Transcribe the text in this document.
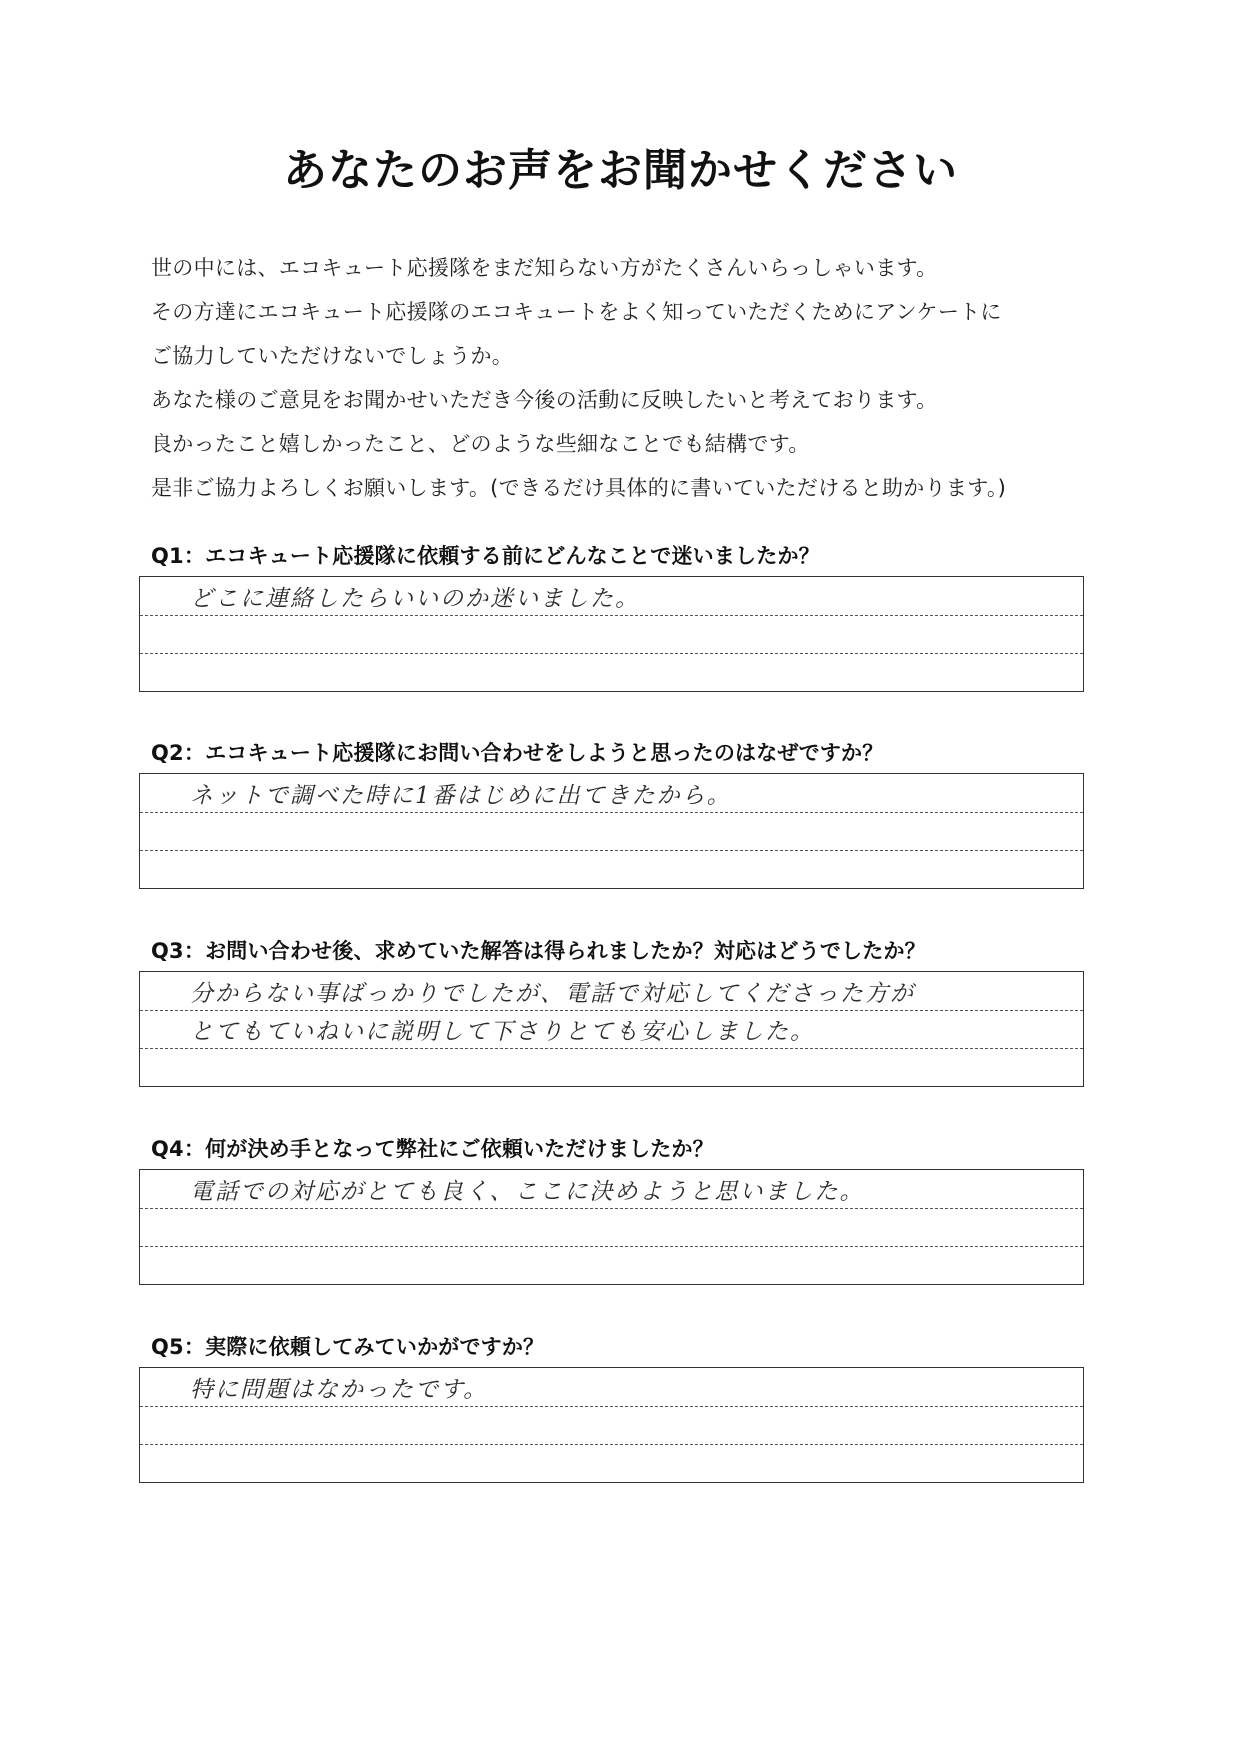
あなたのお声をお聞かせください

世の中には、エコキュート応援隊をまだ知らない方がたくさんいらっしゃいます。

その方達にエコキュート応援隊のエコキュートをよく知っていただくためにアンケートに

ご協力していただけないでしょうか。

あなた様のご意見をお聞かせいただき今後の活動に反映したいと考えております。

良かったこと嬉しかったこと、どのような些細なことでも結構です。

是非ご協力よろしくお願いします。(できるだけ具体的に書いていただけると助かります。)

Q1：エコキュート応援隊に依頼する前にどんなことで迷いましたか？
どこに連絡したらいいのか迷いました。
Q2：エコキュート応援隊にお問い合わせをしようと思ったのはなぜですか？
ネットで調べた時に1番はじめに出てきたから。
Q3：お問い合わせ後、求めていた解答は得られましたか？対応はどうでしたか？
分からない事ばっかりでしたが、電話で対応してくださった方が
とてもていねいに説明して下さりとても安心しました。
Q4：何が決め手となって弊社にご依頼いただけましたか？
電話での対応がとても良く、ここに決めようと思いました。
Q5：実際に依頼してみていかがですか？
特に問題はなかったです。
